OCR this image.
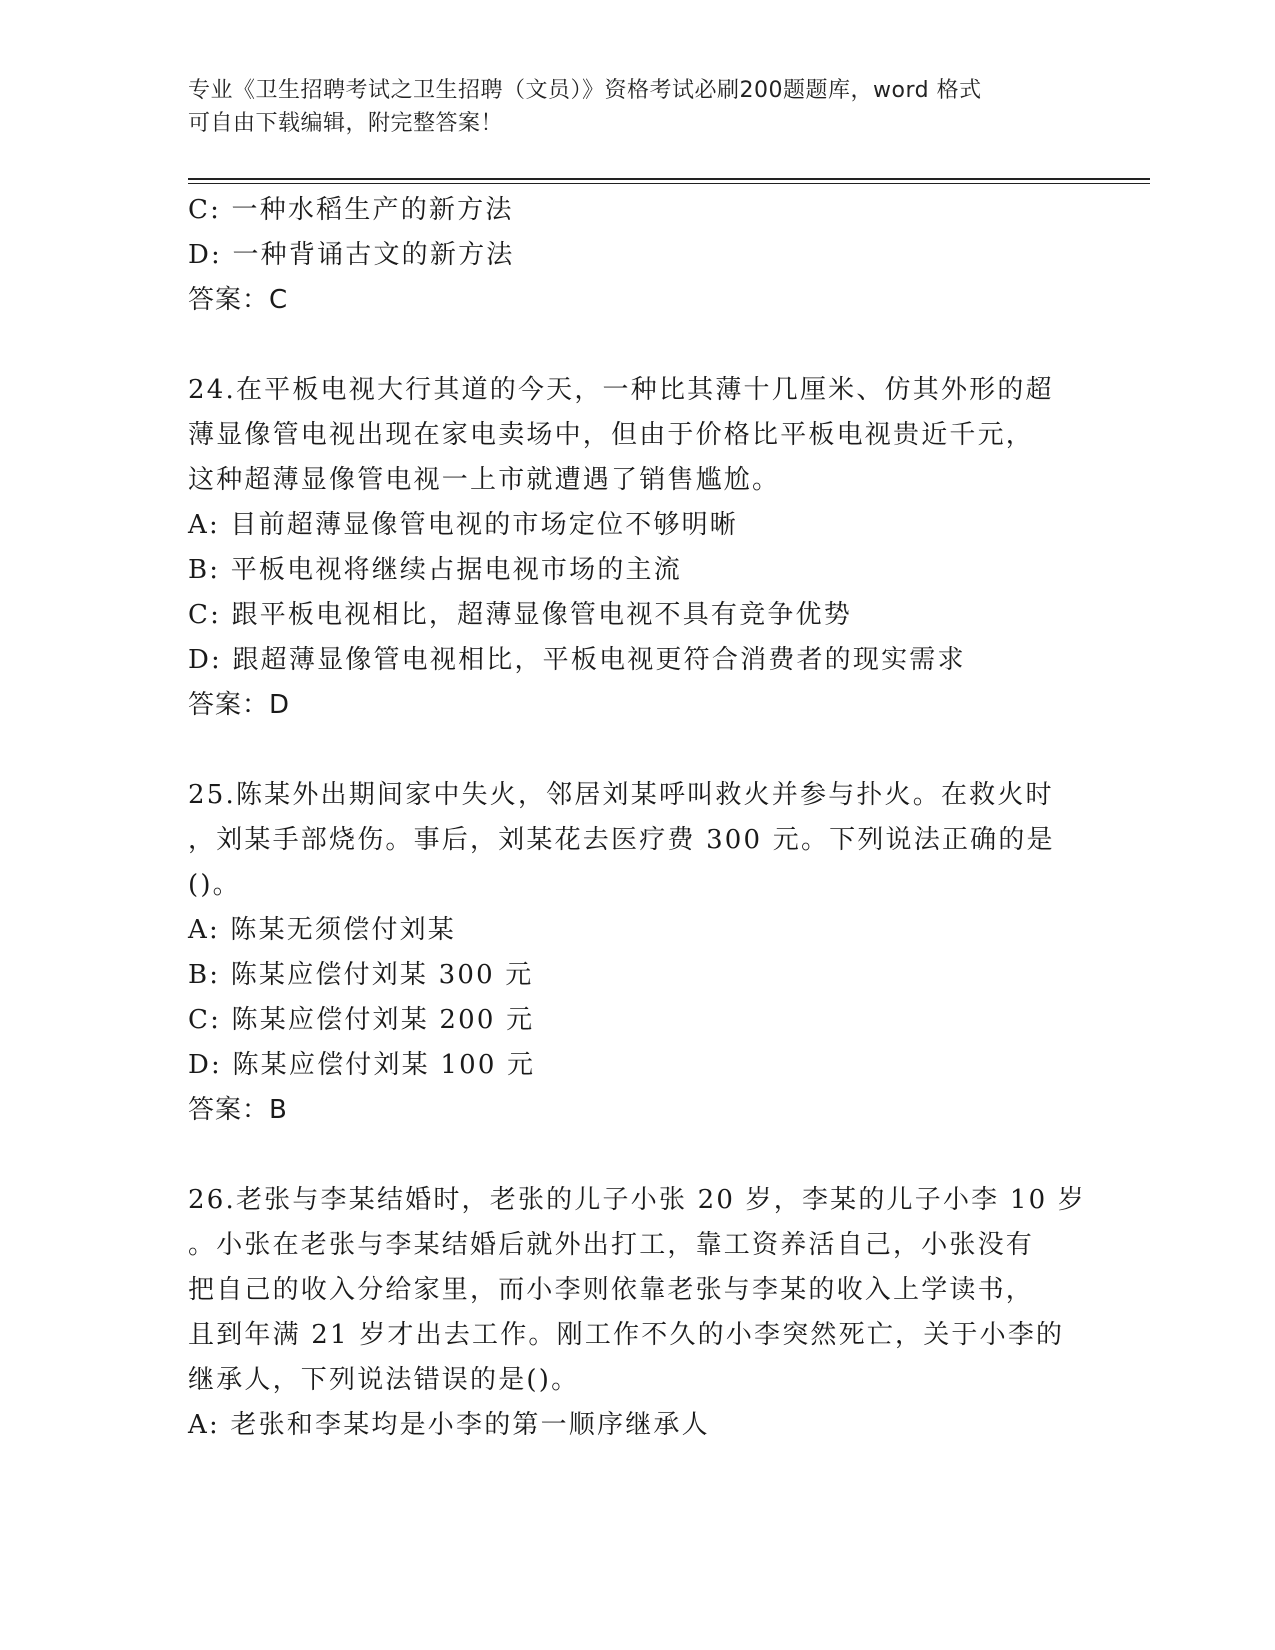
专业《卫生招聘考试之卫生招聘（文员）》资格考试必刷200题题库，word 格式
可自由下载编辑，附完整答案！
C: 一种水稻生产的新方法
D: 一种背诵古文的新方法
答案：C
24.在平板电视大行其道的今天，一种比其薄十几厘米、仿其外形的超
薄显像管电视出现在家电卖场中，但由于价格比平板电视贵近千元，
这种超薄显像管电视一上市就遭遇了销售尴尬。
A: 目前超薄显像管电视的市场定位不够明晰
B: 平板电视将继续占据电视市场的主流
C: 跟平板电视相比，超薄显像管电视不具有竞争优势
D: 跟超薄显像管电视相比，平板电视更符合消费者的现实需求
答案：D
25.陈某外出期间家中失火，邻居刘某呼叫救火并参与扑火。在救火时
，刘某手部烧伤。事后，刘某花去医疗费 300 元。下列说法正确的是
()。
A: 陈某无须偿付刘某
B: 陈某应偿付刘某 300 元
C: 陈某应偿付刘某 200 元
D: 陈某应偿付刘某 100 元
答案：B
26.老张与李某结婚时，老张的儿子小张 20 岁，李某的儿子小李 10 岁
。小张在老张与李某结婚后就外出打工，靠工资养活自己，小张没有
把自己的收入分给家里，而小李则依靠老张与李某的收入上学读书，
且到年满 21 岁才出去工作。刚工作不久的小李突然死亡，关于小李的
继承人，下列说法错误的是()。
A: 老张和李某均是小李的第一顺序继承人
